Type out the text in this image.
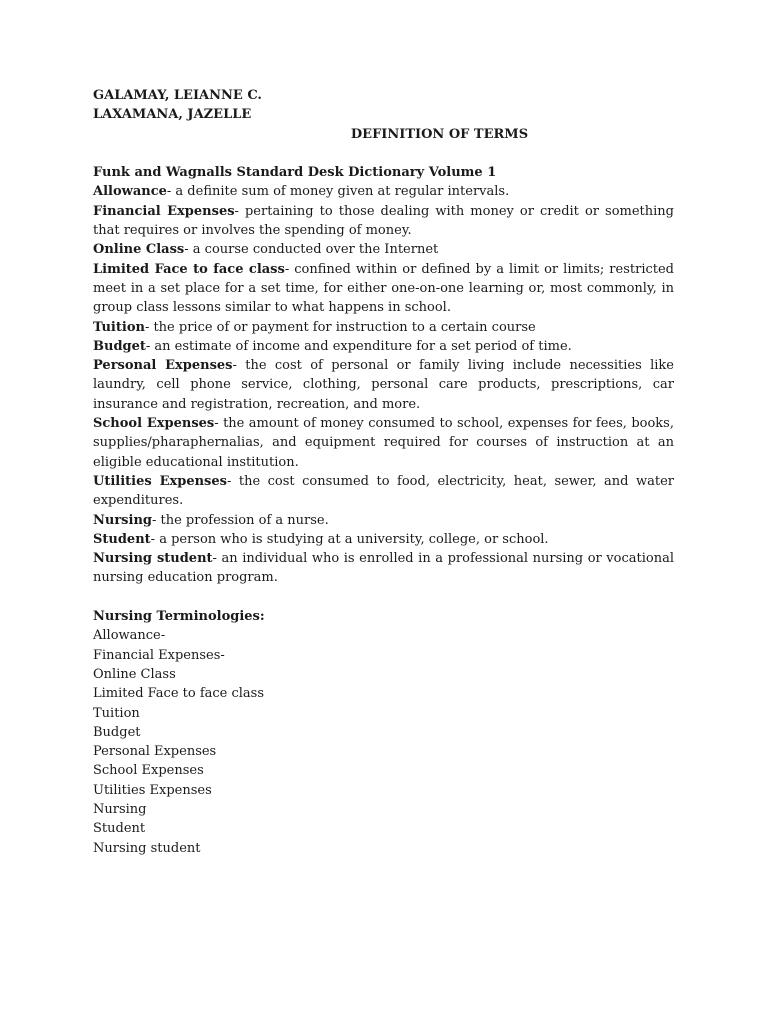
GALAMAY, LEIANNE C.

LAXAMANA, JAZELLE

DEFINITION OF TERMS

Funk and Wagnalls Standard Desk Dictionary Volume 1

Allowance- a definite sum of money given at regular intervals.

Financial Expenses- pertaining to those dealing with money or credit or something that requires or involves the spending of money.

Online Class- a course conducted over the Internet

Limited Face to face class- confined within or defined by a limit or limits; restricted meet in a set place for a set time, for either one-on-one learning or, most commonly, in group class lessons similar to what happens in school.

Tuition- the price of or payment for instruction to a certain course

Budget- an estimate of income and expenditure for a set period of time.

Personal Expenses- the cost of personal or family living include necessities like laundry, cell phone service, clothing, personal care products, prescriptions, car insurance and registration, recreation, and more.

School Expenses- the amount of money consumed to school, expenses for fees, books, supplies/pharaphernalias, and equipment required for courses of instruction at an eligible educational institution.

Utilities Expenses- the cost consumed to food, electricity, heat, sewer, and water expenditures.

Nursing- the profession of a nurse.

Student- a person who is studying at a university, college, or school.

Nursing student- an individual who is enrolled in a professional nursing or vocational nursing education program.

Nursing Terminologies:

Allowance-
Financial Expenses-
Online Class
Limited Face to face class
Tuition
Budget
Personal Expenses
School Expenses
Utilities Expenses
Nursing
Student
Nursing student
